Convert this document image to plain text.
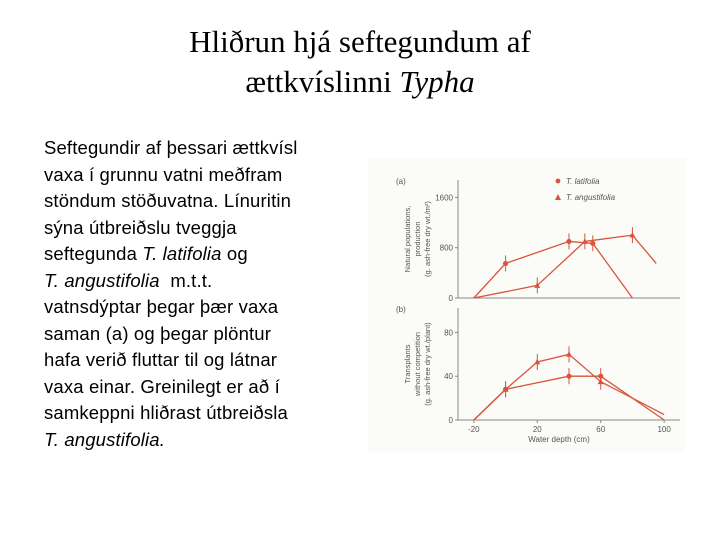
Hliðrun hjá seftegundum af
ættkvíslinni Typha
Seftegundir af þessari ættkvísl
vaxa í grunnu vatni meðfram
stöndum stöðuvatna. Línuritin
sýna útbreiðslu tveggja
seftegunda T. latifolia og
T. angustifolia  m.t.t.
vatnsdýptar þegar þær vaxa
saman (a) og þegar plöntur
hafa verið fluttar til og látnar
vaxa einar. Greinilegt er að í
samkeppni hliðrast útbreiðsla
T. angustifolia.
(a)
1600
800
0
Natural populations, production (g. ash-free dry wt./m²)
T. latifolia
T. angustifolia
(b)
80
40
0
Transplants without competition (g. ash-free dry wt./plant)
-20	20	60	100
Water depth (cm)
